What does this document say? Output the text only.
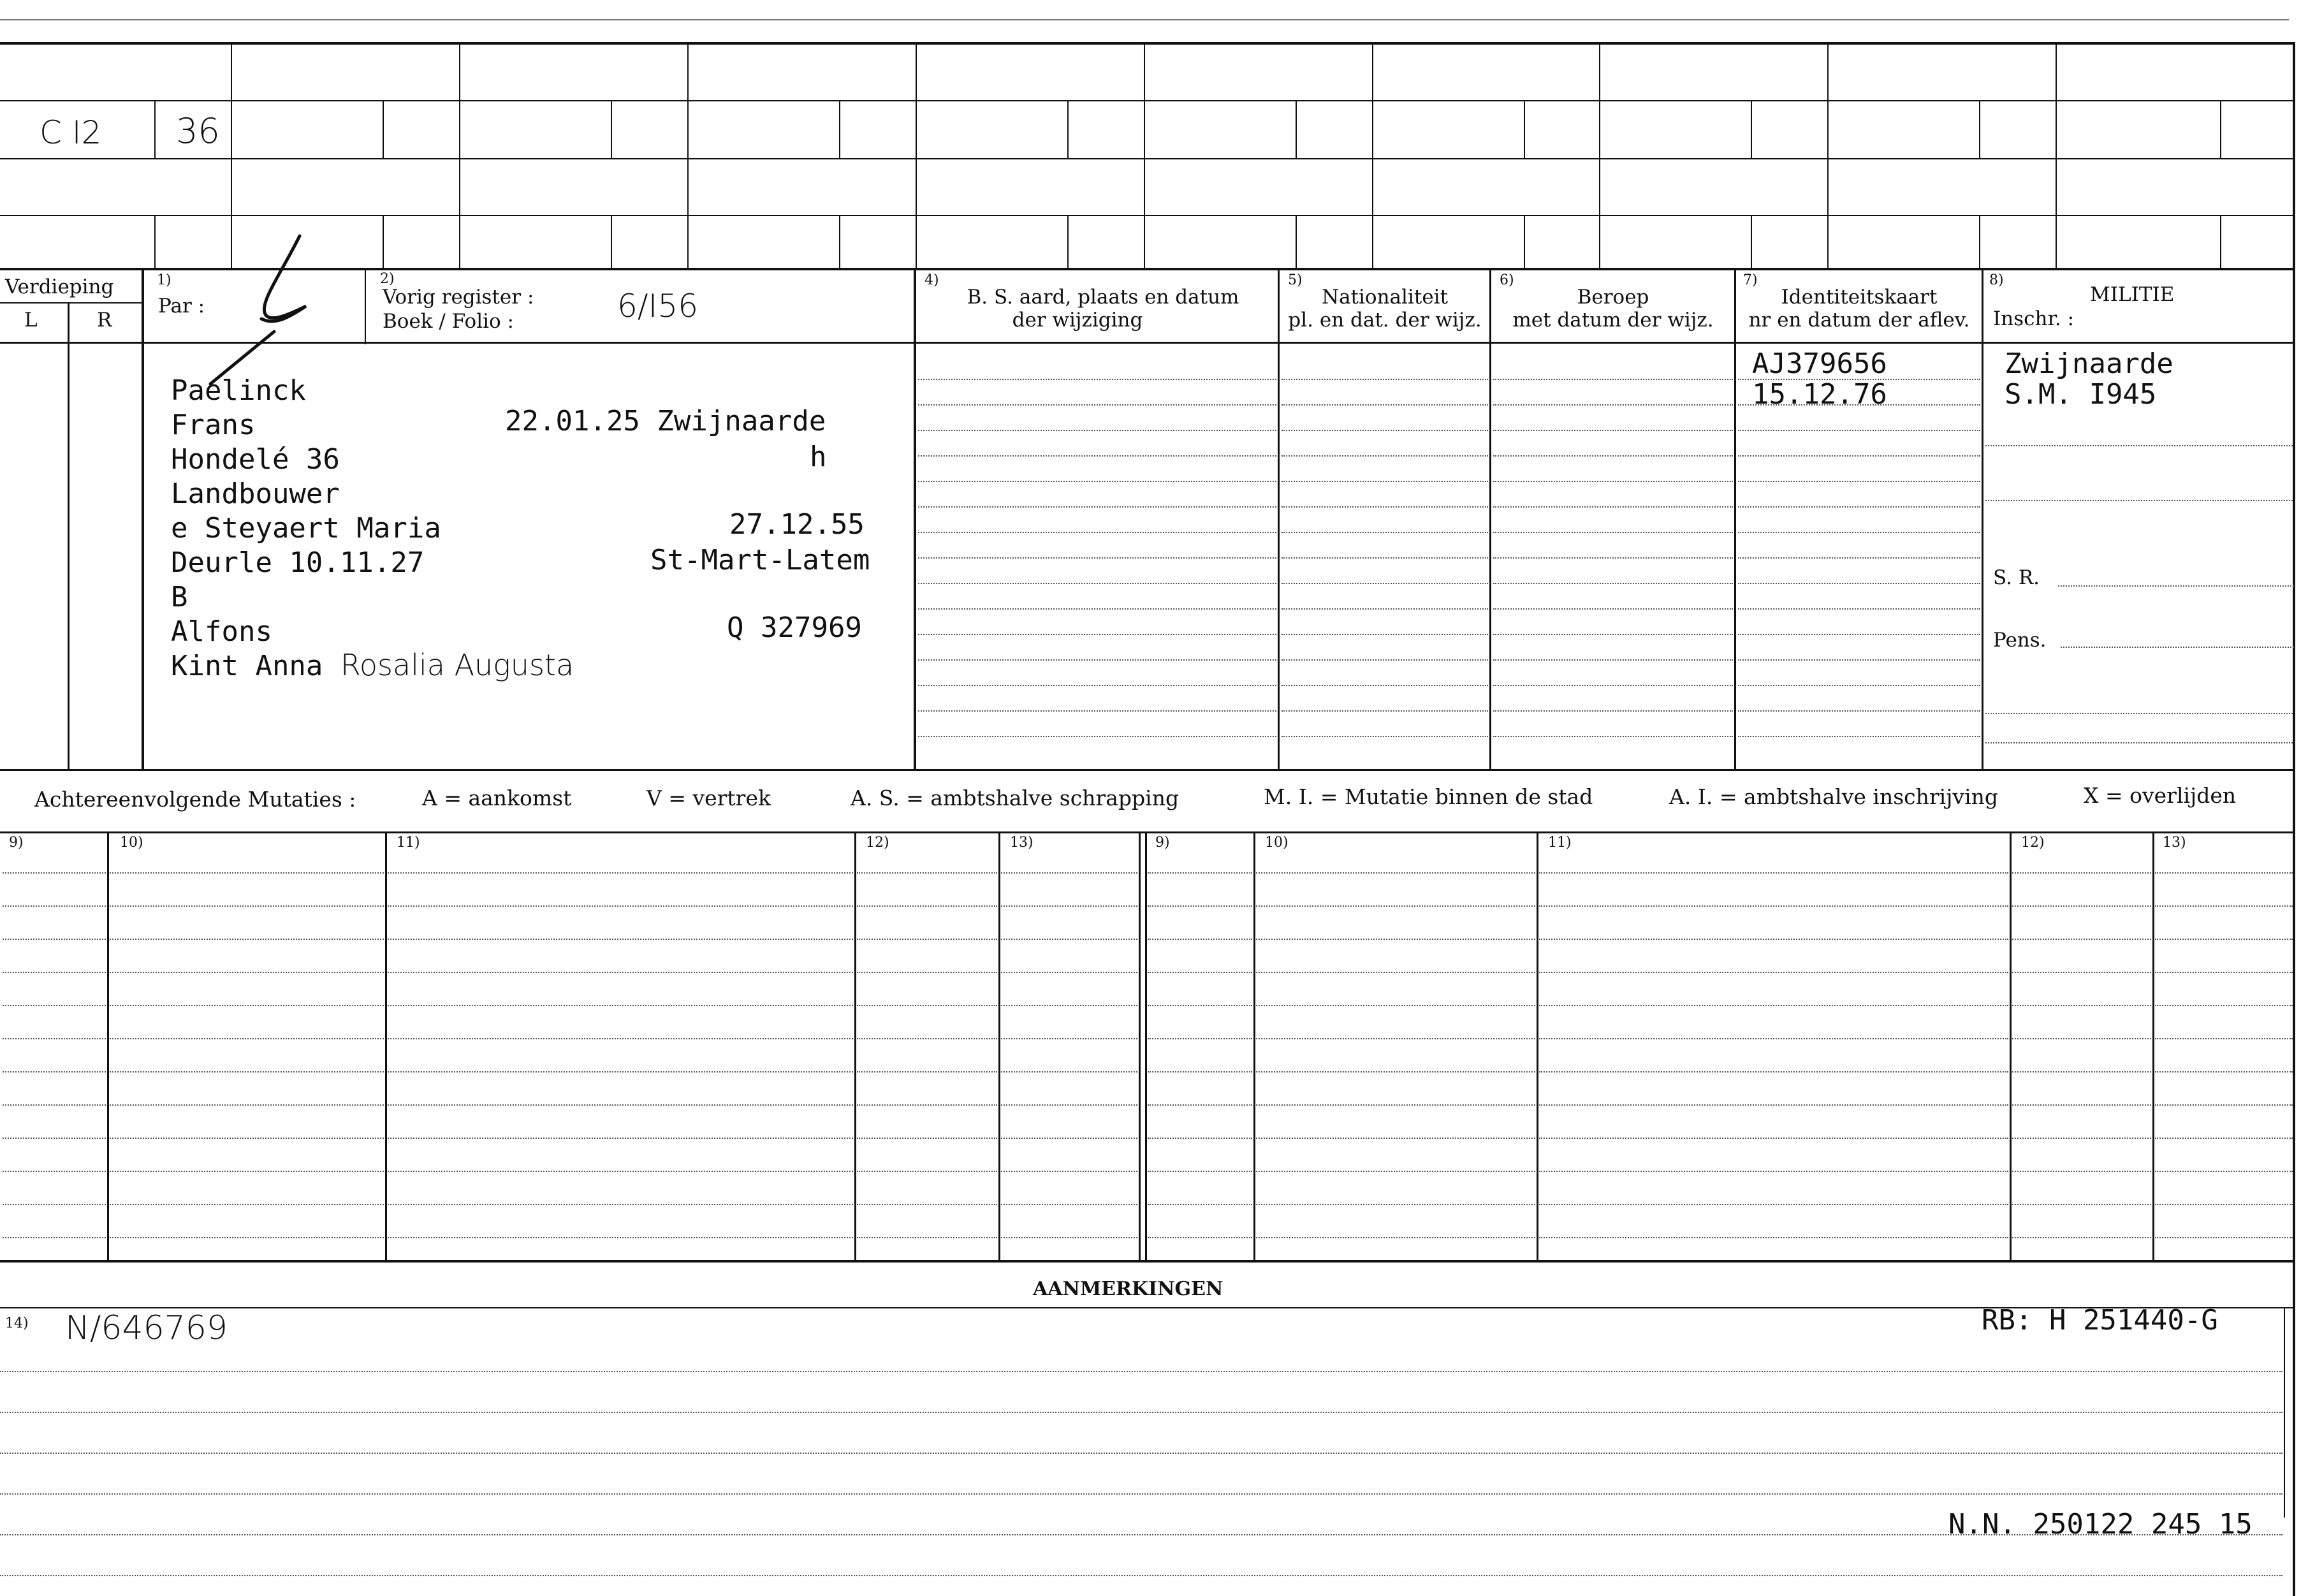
C I2 36
Verdieping
L	R
1)
Par :
2)
Vorig register :
Boek / Folio :	6/I56
4)
B. S. aard, plaats en datum
der wijziging
5)
Nationaliteit
pl. en dat. der wijz.
6)
Beroep
met datum der wijz.
7)
Identiteitskaart
nr en datum der aflev.
8)
MILITIE
Inschr. :
Paelinck
Frans	22.01.25 Zwijnaarde
Hondelé 36	h
Landbouwer
e Steyaert Maria	27.12.55
Deurle 10.11.27	St-Mart-Latem
B
Alfons	Q 327969
Kint Anna Rosalia Augusta
AJ379656
15.12.76
Zwijnaarde
S.M. I945
S. R.
Pens.
Achtereenvolgende Mutaties :	A = aankomst	V = vertrek	A. S. = ambtshalve schrapping	M. I. = Mutatie binnen de stad	A. I. = ambtshalve inschrijving	X = overlijden
9)	10)	11)	12)	13)	9)	10)	11)	12)	13)
AANMERKINGEN
14) N/646769	RB: H 251440-G
N.N. 250122 245 15
